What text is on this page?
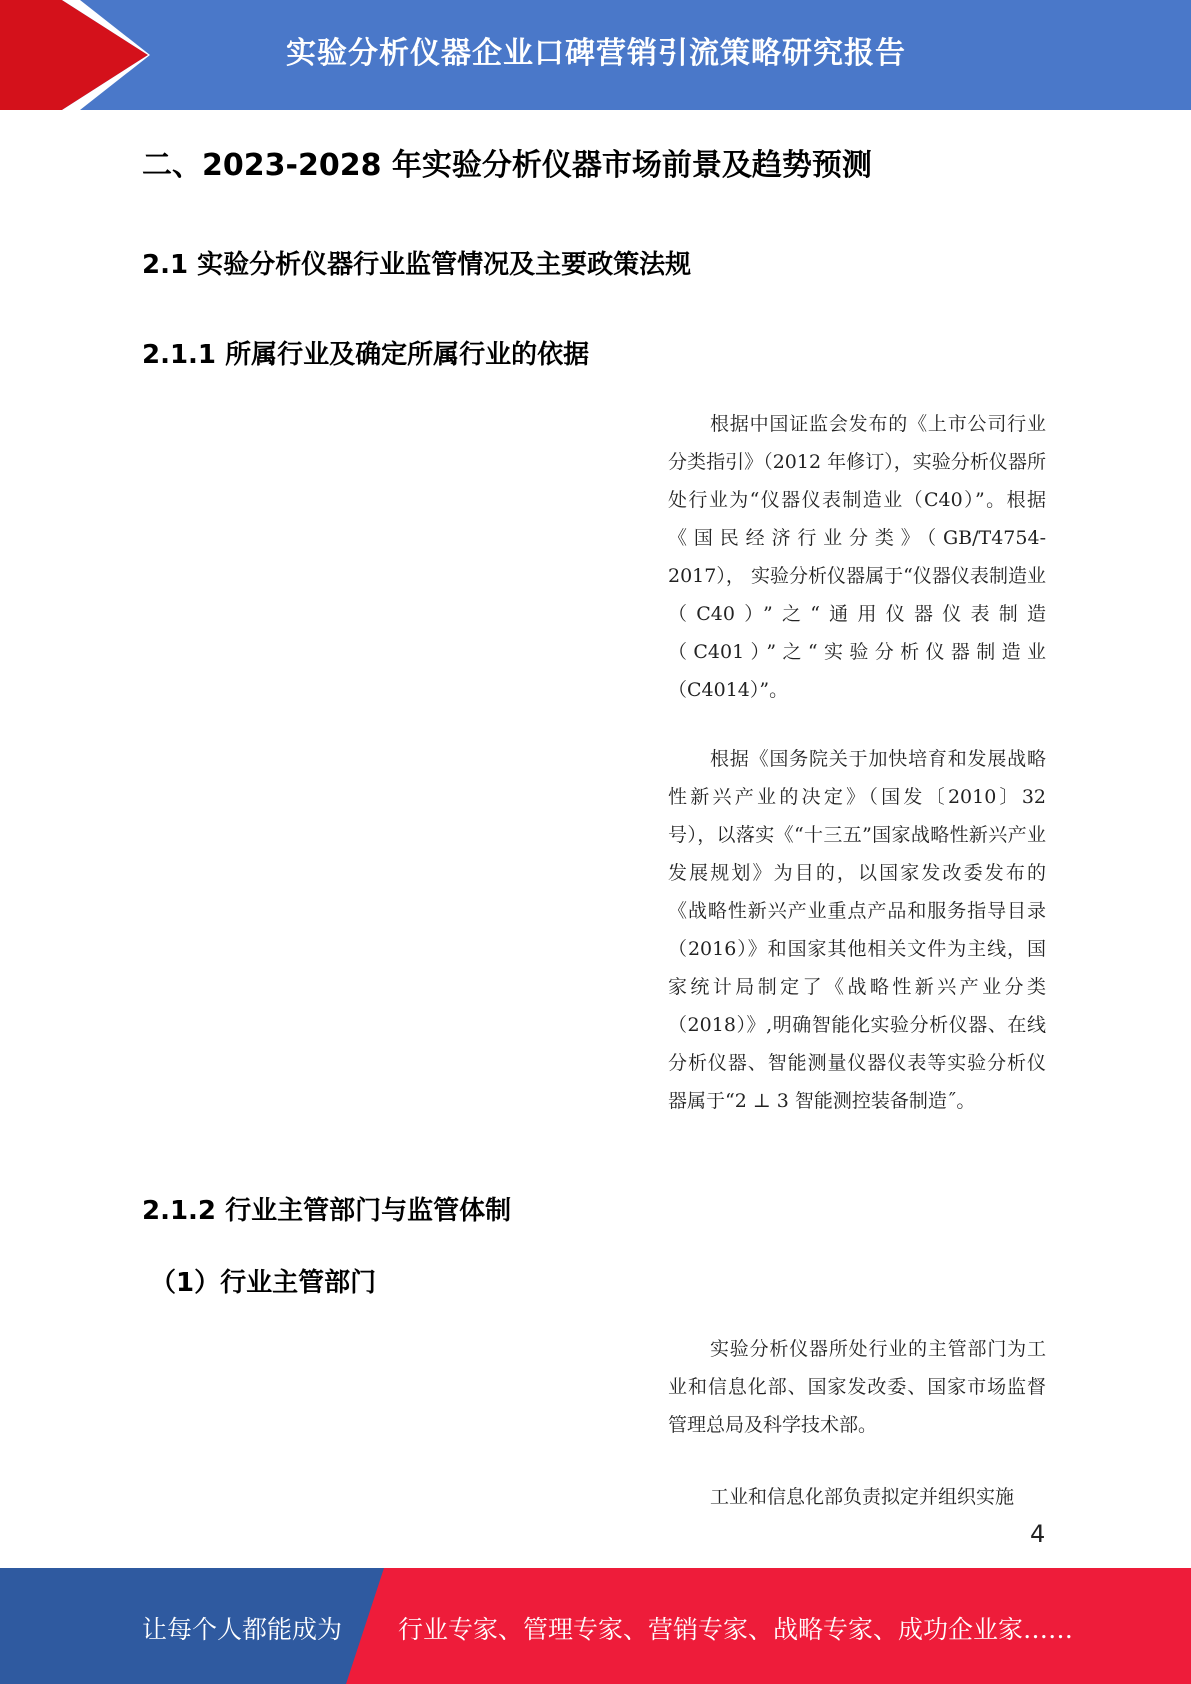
实验分析仪器企业口碑营销引流策略研究报告
二、2023-2028 年实验分析仪器市场前景及趋势预测
2.1 实验分析仪器行业监管情况及主要政策法规
2.1.1 所属行业及确定所属行业的依据

根据中国证监会发布的《上市公司行业分类指引》（2012 年修订），实验分析仪器所处行业为“仪器仪表制造业（C40）”。根据《国民经济行业分类》（GB/T4754-2017）， 实验分析仪器属于“仪器仪表制造业（C40）”之“通用仪器仪表制造（C401）”之“实验分析仪器制造业（C4014）”。

根据《国务院关于加快培育和发展战略性新兴产业的决定》（国发〔2010〕32 号），以落实《“十三五”国家战略性新兴产业发展规划》为目的，以国家发改委发布的《战略性新兴产业重点产品和服务指导目录（2016）》和国家其他相关文件为主线，国家统计局制定了《战略性新兴产业分类（2018）》,明确智能化实验分析仪器、在线分析仪器、智能测量仪器仪表等实验分析仪器属于“2 ⊥ 3 智能测控装备制造˝。

2.1.2 行业主管部门与监管体制
（1）行业主管部门

实验分析仪器所处行业的主管部门为工业和信息化部、国家发改委、国家市场监督管理总局及科学技术部。

工业和信息化部负责拟定并组织实施

4
让每个人都能成为 行业专家、管理专家、营销专家、战略专家、成功企业家……
